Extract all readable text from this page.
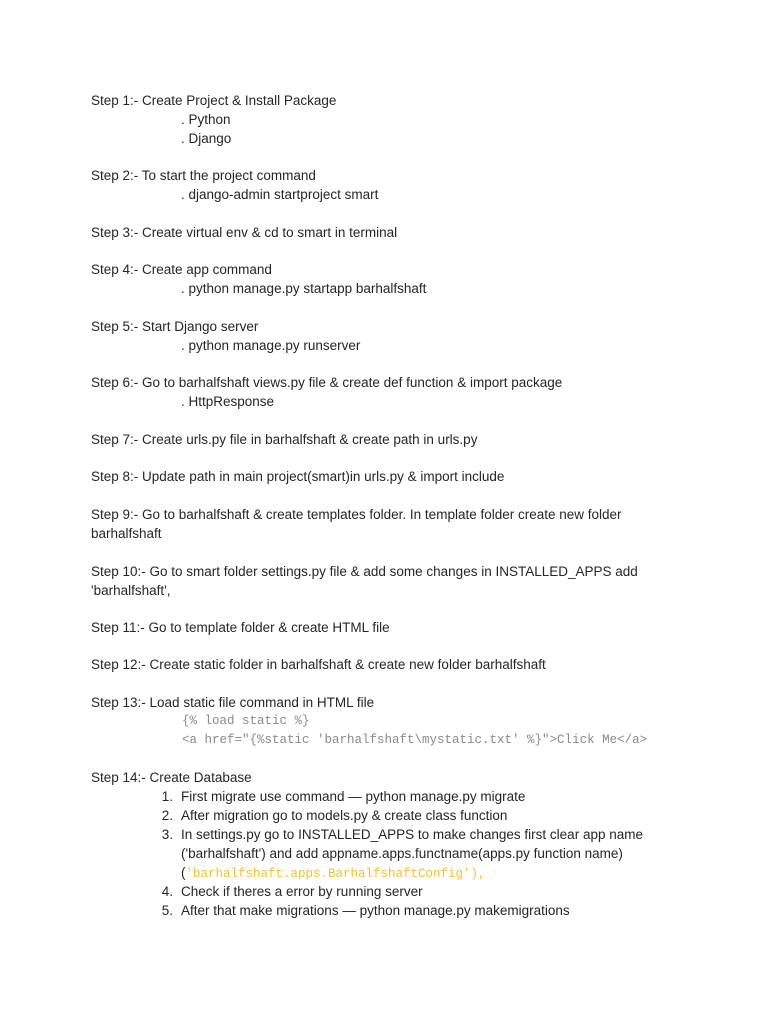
Step 1:- Create Project & Install Package
. Python
. Django
Step 2:- To start the project command
. django-admin startproject smart
Step 3:- Create virtual env & cd to smart in terminal
Step 4:- Create app command
. python manage.py startapp barhalfshaft
Step 5:- Start Django server
. python manage.py runserver
Step 6:- Go to barhalfshaft views.py file & create def function & import package
. HttpResponse
Step 7:- Create urls.py file in barhalfshaft & create path in urls.py
Step 8:- Update path in main project(smart)in urls.py & import include
Step 9:- Go to barhalfshaft & create templates folder. In template folder create new folder
barhalfshaft
Step 10:- Go to smart folder settings.py file & add some changes in INSTALLED_APPS add
'barhalfshaft',
Step 11:- Go to template folder & create HTML file
Step 12:- Create static folder in barhalfshaft & create new folder barhalfshaft
Step 13:- Load static file command in HTML file
{% load static %}
<a href="{%static 'barhalfshaft\mystatic.txt' %}">Click Me</a>
Step 14:- Create Database
1. First migrate use command — python manage.py migrate
2. After migration go to models.py & create class function
3. In settings.py go to INSTALLED_APPS to make changes first clear app name
('barhalfshaft') and add appname.apps.functname(apps.py function name)
('barhalfshaft.apps.BarhalfshaftConfig'),
4. Check if theres a error by running server
5. After that make migrations — python manage.py makemigrations
